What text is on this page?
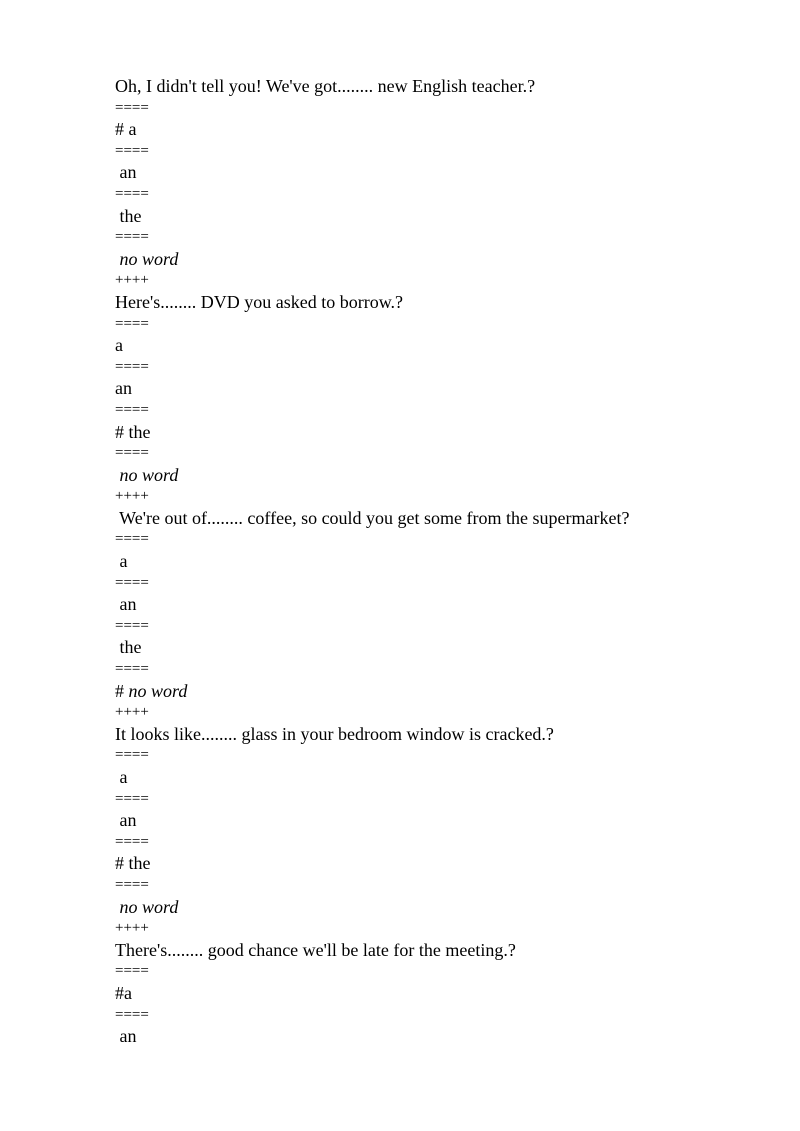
Oh, I didn't tell you! We've got........ new English teacher.?
====
# a
====
an
====
the
====
no word
++++
Here's........ DVD you asked to borrow.?
====
a
====
an
====
# the
====
no word
++++
We're out of........ coffee, so could you get some from the supermarket?
====
a
====
an
====
the
====
# no word
++++
It looks like........ glass in your bedroom window is cracked.?
====
a
====
an
====
# the
====
no word
++++
There's........ good chance we'll be late for the meeting.?
====
#a
====
an
